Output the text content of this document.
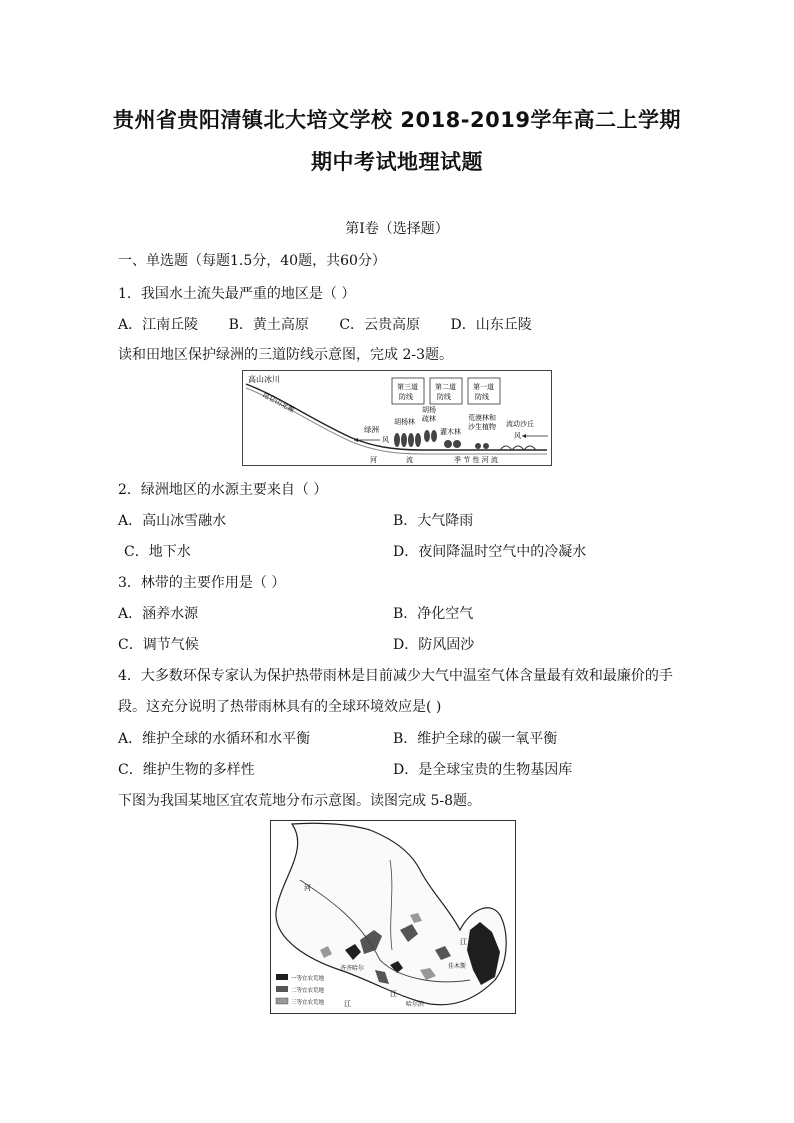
贵州省贵阳清镇北大培文学校 2018-2019学年高二上学期
期中考试地理试题
第Ⅰ卷（选择题）
一、单选题（每题1.5分，40题，共60分）
1．我国水土流失最严重的地区是（ ）
A．江南丘陵 B．黄土高原 C．云贵高原 D．山东丘陵
读和田地区保护绿洲的三道防线示意图，完成 2-3题。
高山冰川
昆仑山北麓
第三道
防线
第二道
防线
第一道
防线
绿洲
风
胡杨林
胡杨
疏林
灌木林
荒漠林和
沙生植物 流动沙丘
风
河	流	季 节 性 河 流
2．绿洲地区的水源主要来自（ ）
A．高山冰雪融水	B．大气降雨
C．地下水	D．夜间降温时空气中的冷凝水
3．林带的主要作用是（ ）
A．涵养水源	B．净化空气
C．调节气候	D．防风固沙
4．大多数环保专家认为保护热带雨林是目前减少大气中温室气体含量最有效和最廉价的手
段。这充分说明了热带雨林具有的全球环境效应是( )
A．维护全球的水循环和水平衡	B．维护全球的碳一氧平衡
C．维护生物的多样性	D．是全球宝贵的生物基因库
下图为我国某地区宜农荒地分布示意图。读图完成 5-8题。
河
江
江
哈尔滨
齐齐哈尔	佳木斯
江
一等宜农荒地
二等宜农荒地
三等宜农荒地
